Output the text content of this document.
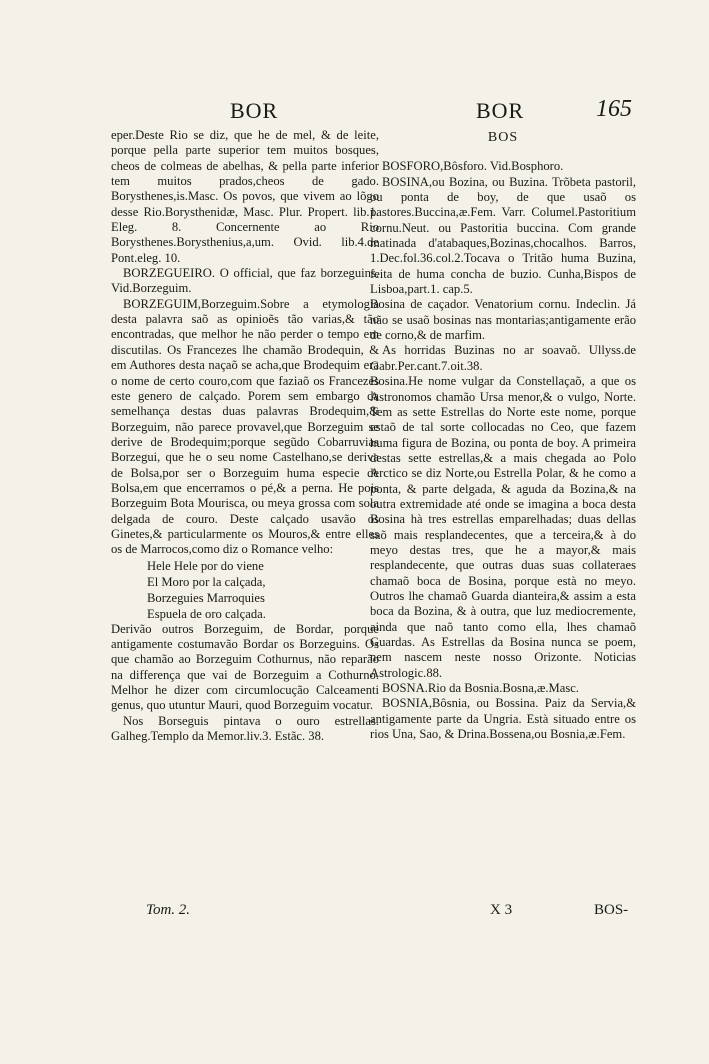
BOR	BOR	165

eper.Deste Rio se diz, que he de mel, & de leite, porque pella parte superior tem muitos bosques, cheos de colmeas de abelhas, & pella parte inferior tem muitos prados,cheos de gado. Borysthenes,is.Masc. Os povos, que vivem ao lõgo desse Rio.Borysthenidæ, Masc. Plur. Propert. lib.1. Eleg. 8. Concernente ao Rio Borysthenes.Borysthenius,a,um. Ovid. lib.4.de Pont.eleg. 10.

BORZEGUEIRO. O official, que faz borzeguins. Vid.Borzeguim.

BORZEGUIM,Borzeguim.Sobre a etymologia desta palavra saõ as opinioẽs tão varias,& tão encontradas, que melhor he não perder o tempo em discutilas. Os Francezes lhe chamão Brodequin, & em Authores desta naçaõ se acha,que Brodequim era o nome de certo couro,com que faziaõ os Francezes este genero de calçado. Porem sem embargo da semelhança destas duas palavras Brodequim,& Borzeguim, não parece provavel,que Borzeguim se derive de Brodequim;porque segũdo Cobarruvias Borzegui, que he o seu nome Castelhano,se deriva de Bolsa,por ser o Borzeguim huma especie de Bolsa,em que encerramos o pé,& a perna. He pois Borzeguim Bota Mourisca, ou meya grossa com sola delgada de couro. Deste calçado usavão os Ginetes,& particularmente os Mouros,& entre elles os de Marrocos,como diz o Romance velho:

Hele Hele por do viene
El Moro por la calçada,
Borzeguies Marroquies
Espuela de oro calçada.

Derivão outros Borzeguim, de Bordar, porque antigamente costumavão Bordar os Borzeguins. Os que chamão ao Borzeguim Cothurnus, não reparão na differença que vai de Borzeguim a Cothurno. Melhor he dizer com circumlocução Calceamenti genus, quo utuntur Mauri, quod Borzeguim vocatur.

Nos Borseguis pintava o ouro estrellas. Galheg.Templo da Memor.liv.3. Estãc. 38.

BOS

BOSFORO,Bôsforo. Vid.Bosphoro.

BOSINA,ou Bozina, ou Buzina. Trõbeta pastoril, ou ponta de boy, de que usaõ os pastores.Buccina,æ.Fem. Varr. Columel.Pastoritium cornu.Neut. ou Pastoritia buccina. Com grande matinada d'atabaques,Bozinas,chocalhos. Barros, 1.Dec.fol.36.col.2.Tocava o Tritão huma Buzina, feita de huma concha de buzio. Cunha,Bispos de Lisboa,part.1. cap.5.

Bosina de caçador. Venatorium cornu. Indeclin. Já não se usaõ bosinas nas montarias;antigamente erão de corno,& de marfim.

As horridas Buzinas no ar soavaõ. Ullyss.de Gabr.Per.cant.7.oit.38.

Bosina.He nome vulgar da Constellaçaõ, a que os Astronomos chamão Ursa menor,& o vulgo, Norte. Tem as sette Estrellas do Norte este nome, porque estaõ de tal sorte collocadas no Ceo, que fazem huma figura de Bozina, ou ponta de boy. A primeira destas sette estrellas,& a mais chegada ao Polo Arctico se diz Norte,ou Estrella Polar, & he como a ponta, & parte delgada, & aguda da Bozina,& na outra extremidade até onde se imagina a boca desta Bosina hà tres estrellas emparelhadas; duas dellas saõ mais resplandecentes, que a terceira,& à do meyo destas tres, que he a mayor,& mais resplandecente, que outras duas suas collateraes chamaõ boca de Bosina, porque està no meyo. Outros lhe chamaõ Guarda dianteira,& assim a esta boca da Bozina, & à outra, que luz mediocremente, ainda que naõ tanto como ella, lhes chamaõ Guardas. As Estrellas da Bosina nunca se poem, nem nascem neste nosso Orizonte. Noticias Astrologic.88.

BOSNA.Rio da Bosnia.Bosna,æ.Masc.

BOSNIA,Bôsnia, ou Bossina. Paiz da Servia,& antigamente parte da Ungria. Està situado entre os rios Una, Sao, & Drina.Bossena,ou Bosnia,æ.Fem.

Tom. 2.	X 3	BOS-
